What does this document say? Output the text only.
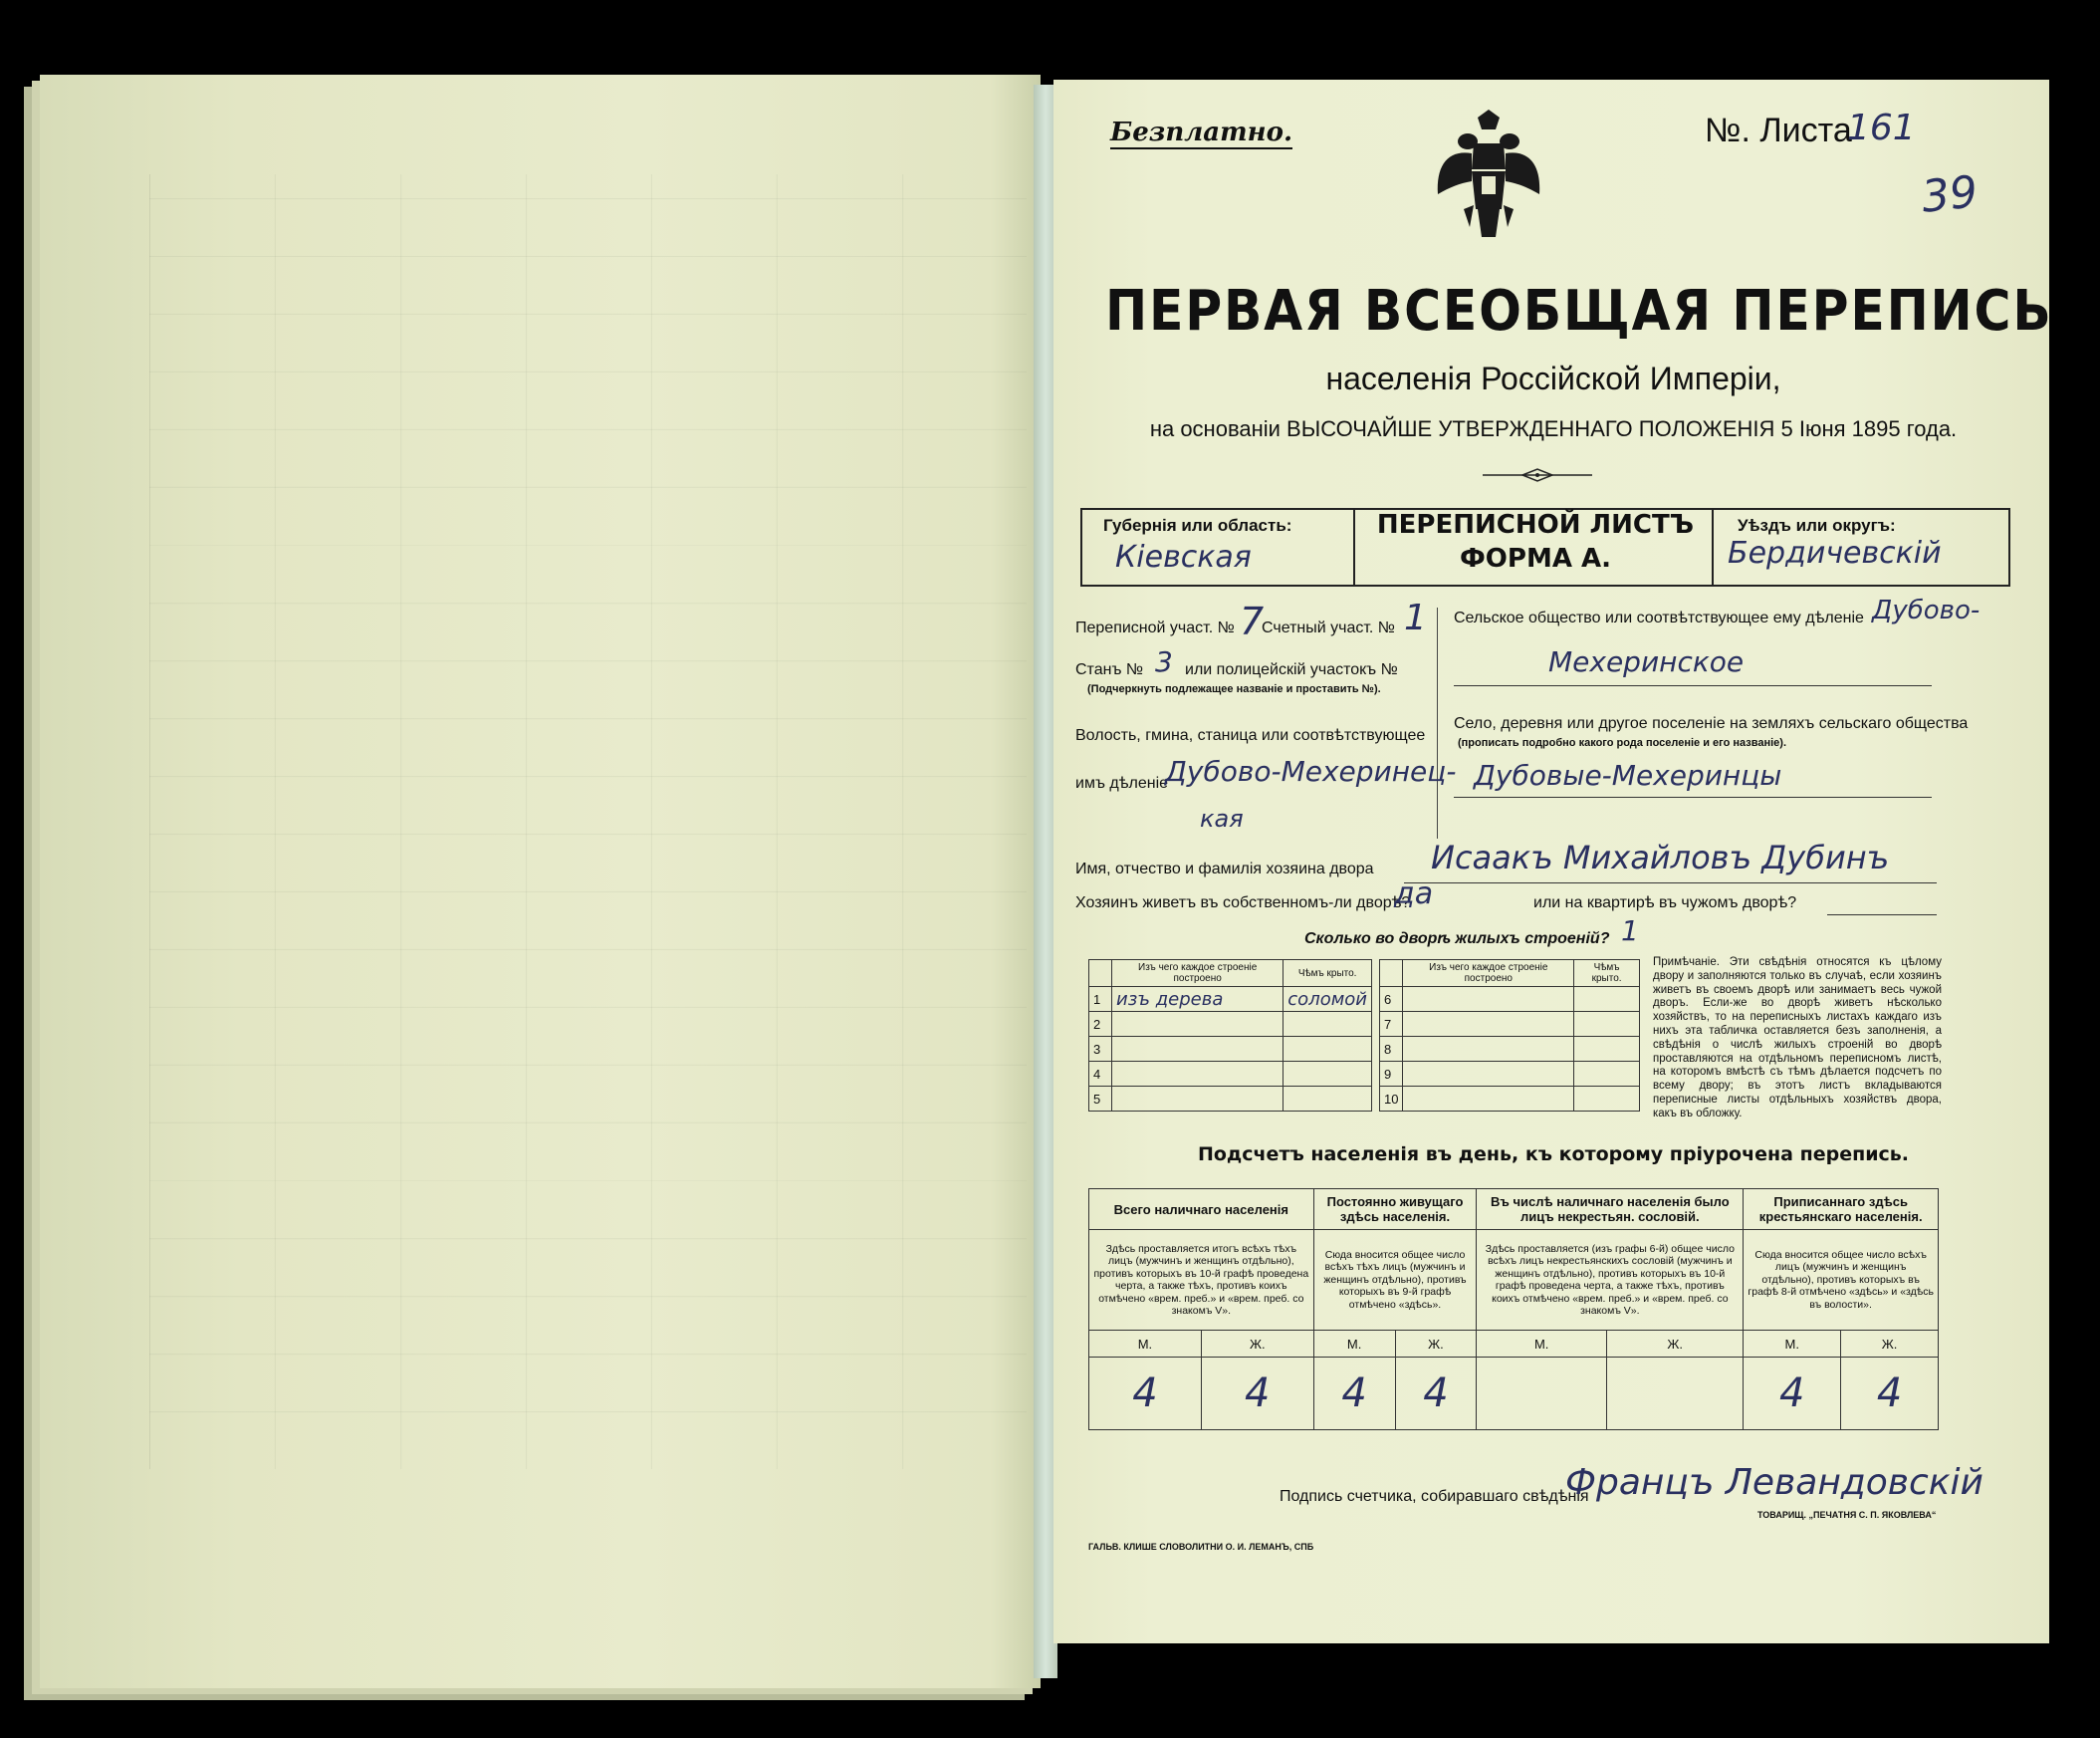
39
Безплатно.	№. Листа
161
ПЕРВАЯ ВСЕОБЩАЯ ПЕРЕПИСЬ
населенія Россійской Имперіи,
на основаніи ВЫСОЧАЙШЕ УТВЕРЖДЕННАГО ПОЛОЖЕНІЯ 5 Іюня 1895 года.
Губернія или область:
Кіевская
ПЕРЕПИСНОЙ ЛИСТЪ
ФОРМА А.
Уѣздъ или округъ:
Бердичевскій
Переписной участ. № 7
Счетный участ. № 1
Станъ № 3 или полицейскій участокъ №
(Подчеркнуть подлежащее названіе и проставить №).
Волость, гмина, станица или соотвѣтствующее
имъ дѣленіе
Дубово-Мехеринец-
кая
Сельское общество или соотвѣтствующее ему дѣленіе Дубово-
Мехеринское
Село, деревня или другое поселеніе на земляхъ сельскаго общества
(прописать подробно какого рода поселеніе и его названіе).
Дубовые-Мехеринцы
Имя, отчество и фамилія хозяина двора Исаакъ Михайловъ Дубинъ
Хозяинъ живетъ въ собственномъ-ли дворѣ?
да	или на квартирѣ въ чужомъ дворѣ?
Сколько во дворѣ жилыхъ строеній? 1
	Изъ чего каждое строеніе построено	Чѣмъ крыто.
1	изъ дерева	соломой
2		
3		
4		
5		
	Изъ чего каждое строеніе построено	Чѣмъ крыто.
6		
7		
8		
9		
10		
Примѣчаніе. Эти свѣдѣнія относятся къ цѣлому двору и заполняются только въ случаѣ, если хозяинъ живетъ въ своемъ дворѣ или занимаетъ весь чужой дворъ. Если-же во дворѣ живетъ нѣсколько хозяйствъ, то на переписныхъ листахъ каждаго изъ нихъ эта табличка оставляется безъ заполненія, а свѣдѣнія о числѣ жилыхъ строеній во дворѣ проставляются на отдѣльномъ переписномъ листѣ, на которомъ вмѣстѣ съ тѣмъ дѣлается подсчетъ по всему двору; въ этотъ листъ вкладываются переписные листы отдѣльныхъ хозяйствъ двора, какъ въ обложку.
Подсчетъ населенія въ день, къ которому пріурочена перепись.
Всего наличнаго населенія		Постоянно живущаго здѣсь населенія.		Въ числѣ наличнаго населенія было лицъ некрестьян. сословій.		Приписаннаго здѣсь крестьянскаго населенія.	
Здѣсь проставляется итогъ всѣхъ тѣхъ лицъ (мужчинъ и женщинъ отдѣльно), противъ которыхъ въ 10-й графѣ проведена черта, а также тѣхъ, противъ коихъ отмѣчено «врем. преб.» и «врем. преб. со знакомъ V».		Сюда вносится общее число всѣхъ тѣхъ лицъ (мужчинъ и женщинъ отдѣльно), противъ которыхъ въ 9-й графѣ отмѣчено «здѣсь».		Здѣсь проставляется (изъ графы 6-й) общее число всѣхъ лицъ некрестьянскихъ сословій (мужчинъ и женщинъ отдѣльно), противъ которыхъ въ 10-й графѣ проведена черта, а также тѣхъ, противъ коихъ отмѣчено «врем. преб.» и «врем. преб. со знакомъ V».		Сюда вносится общее число всѣхъ лицъ (мужчинъ и женщинъ отдѣльно), противъ которыхъ въ графѣ 8-й отмѣчено «здѣсь» и «здѣсь въ волости».	
М.	Ж.	М.	Ж.	М.	Ж.	М.	Ж.
4	4	4	4			4	4
Подпись счетчика, собиравшаго свѣдѣнія
Францъ Левандовскій
ГАЛЬВ. КЛИШЕ СЛОВОЛИТНИ О. И. ЛЕМАНЪ, СПБ
ТОВАРИЩ. „ПЕЧАТНЯ С. П. ЯКОВЛЕВА“
